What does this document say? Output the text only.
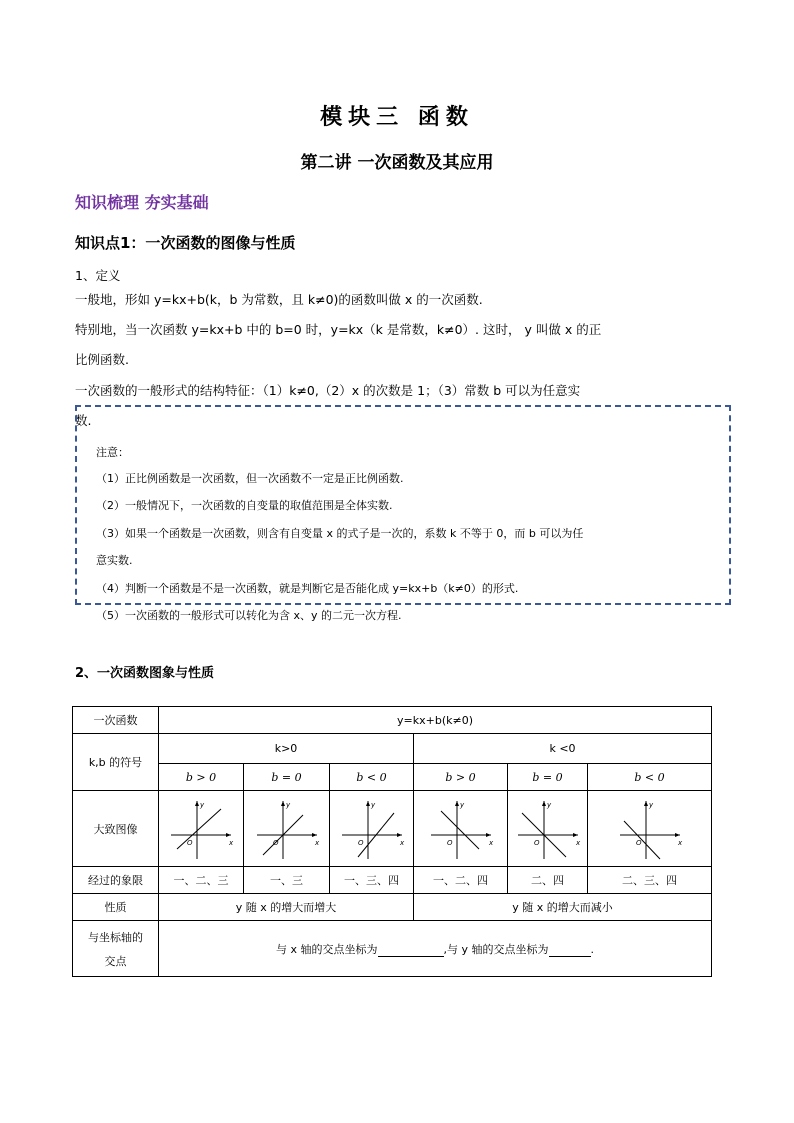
模块三 函数
第二讲 一次函数及其应用
知识梳理 夯实基础
知识点1：一次函数的图像与性质
1、定义
一般地，形如 y=kx+b(k，b 为常数，且 k≠0)的函数叫做 x 的一次函数.
特别地，当一次函数 y=kx+b 中的 b=0 时，y=kx（k 是常数，k≠0）. 这时， y 叫做 x 的正
比例函数.
一次函数的一般形式的结构特征：（1）k≠0,（2）x 的次数是 1；（3）常数 b 可以为任意实
数.
注意：
（1）正比例函数是一次函数，但一次函数不一定是正比例函数.
（2）一般情况下，一次函数的自变量的取值范围是全体实数.
（3）如果一个函数是一次函数，则含有自变量 x 的式子是一次的，系数 k 不等于 0，而 b 可以为任
意实数.
（4）判断一个函数是不是一次函数，就是判断它是否能化成 y=kx+b（k≠0）的形式.
（5）一次函数的一般形式可以转化为含 x、y 的二元一次方程.
2、一次函数图象与性质
一次函数	y=kx+b(k≠0)					
k,b 的符号	k>0			k <0		
	b > 0	b = 0	b < 0	b > 0	b = 0	b < 0
大致图像	y
x
O	y
x
O	y
x
O	y
x
O	y
x
O	y
x
O

经过的象限	一、二、三	一、三	一、三、四	一、二、四	二、四	二、三、四
性质	y 随 x 的增大而增大			y 随 x 的增大而减小		

与坐标轴的
交点	与 x 轴的交点坐标为 ,与 y 轴的交点坐标为 .					
